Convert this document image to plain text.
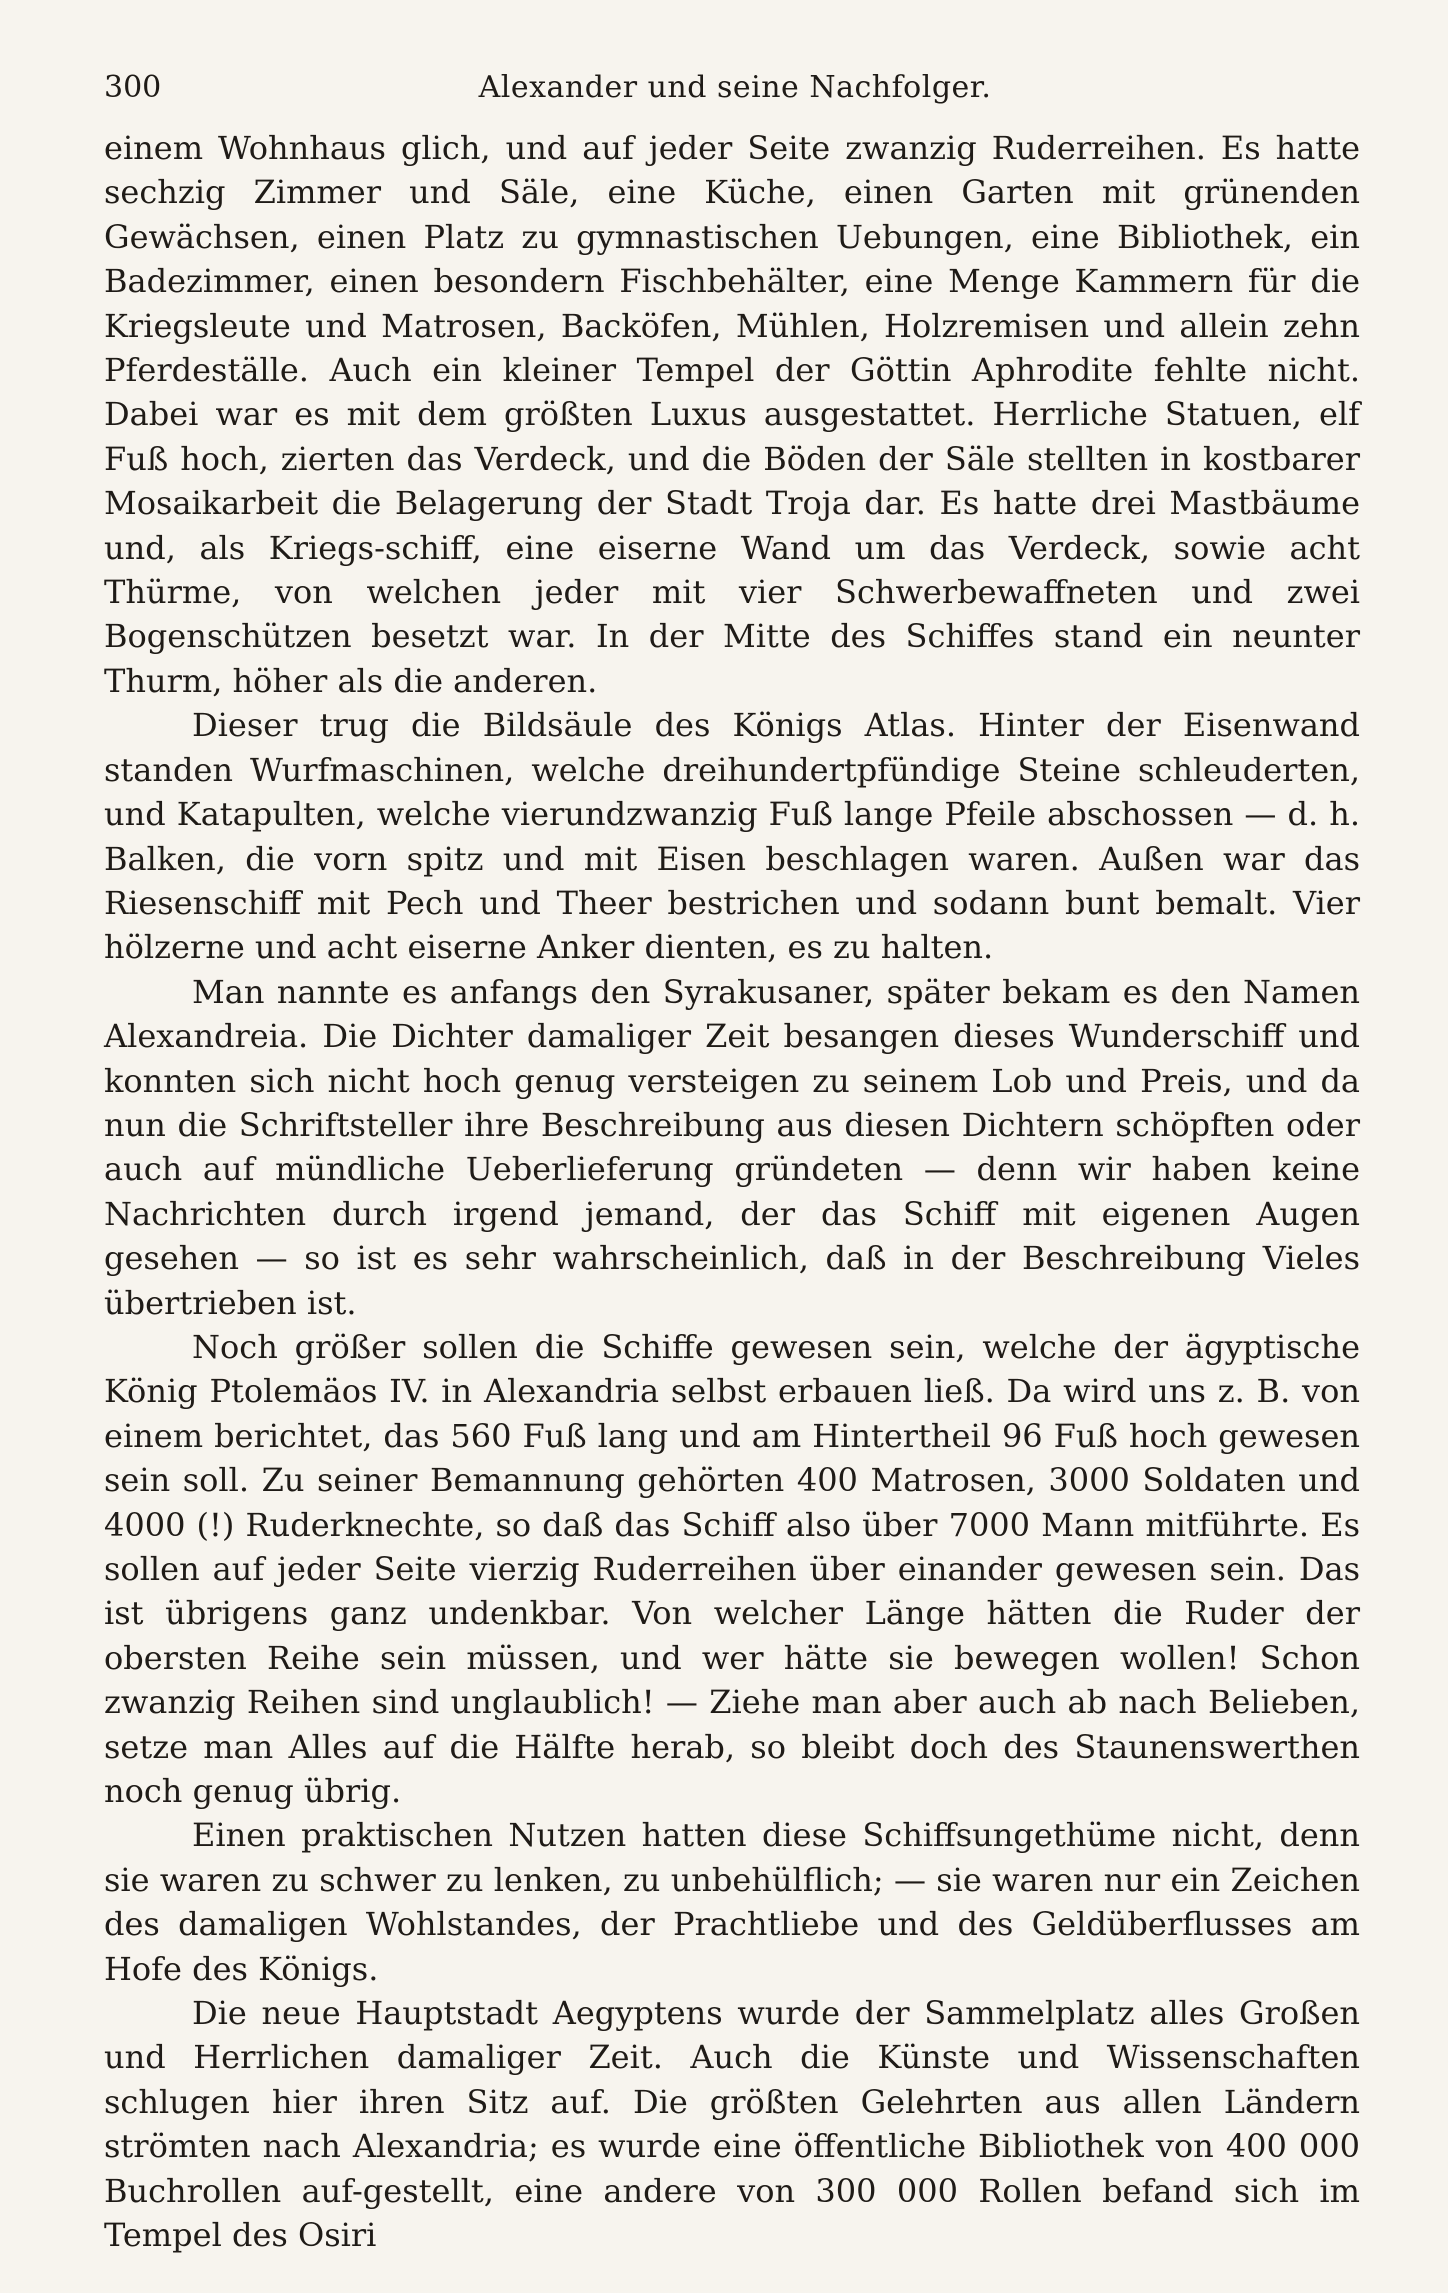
300	Alexander und seine Nachfolger.

einem Wohnhaus glich, und auf jeder Seite zwanzig Ruderreihen. Es hatte sechzig Zimmer und Säle, eine Küche, einen Garten mit grünenden Gewächsen, einen Platz zu gymnastischen Uebungen, eine Bibliothek, ein Badezimmer, einen besondern Fischbehälter, eine Menge Kammern für die Kriegsleute und Matrosen, Backöfen, Mühlen, Holzremisen und allein zehn Pferdeställe. Auch ein kleiner Tempel der Göttin Aphrodite fehlte nicht. Dabei war es mit dem größten Luxus ausgestattet. Herrliche Statuen, elf Fuß hoch, zierten das Verdeck, und die Böden der Säle stellten in kostbarer Mosaikarbeit die Belagerung der Stadt Troja dar. Es hatte drei Mastbäume und, als Kriegs-schiff, eine eiserne Wand um das Verdeck, sowie acht Thürme, von welchen jeder mit vier Schwerbewaffneten und zwei Bogenschützen besetzt war. In der Mitte des Schiffes stand ein neunter Thurm, höher als die anderen.

Dieser trug die Bildsäule des Königs Atlas. Hinter der Eisenwand standen Wurfmaschinen, welche dreihundertpfündige Steine schleuderten, und Katapulten, welche vierundzwanzig Fuß lange Pfeile abschossen — d. h. Balken, die vorn spitz und mit Eisen beschlagen waren. Außen war das Riesenschiff mit Pech und Theer bestrichen und sodann bunt bemalt. Vier hölzerne und acht eiserne Anker dienten, es zu halten.

Man nannte es anfangs den Syrakusaner, später bekam es den Namen Alexandreia. Die Dichter damaliger Zeit besangen dieses Wunderschiff und konnten sich nicht hoch genug versteigen zu seinem Lob und Preis, und da nun die Schriftsteller ihre Beschreibung aus diesen Dichtern schöpften oder auch auf mündliche Ueberlieferung gründeten — denn wir haben keine Nachrichten durch irgend jemand, der das Schiff mit eigenen Augen gesehen — so ist es sehr wahrscheinlich, daß in der Beschreibung Vieles übertrieben ist.

Noch größer sollen die Schiffe gewesen sein, welche der ägyptische König Ptolemäos IV. in Alexandria selbst erbauen ließ. Da wird uns z. B. von einem berichtet, das 560 Fuß lang und am Hintertheil 96 Fuß hoch gewesen sein soll. Zu seiner Bemannung gehörten 400 Matrosen, 3000 Soldaten und 4000 (!) Ruderknechte, so daß das Schiff also über 7000 Mann mitführte. Es sollen auf jeder Seite vierzig Ruderreihen über einander gewesen sein. Das ist übrigens ganz undenkbar. Von welcher Länge hätten die Ruder der obersten Reihe sein müssen, und wer hätte sie bewegen wollen! Schon zwanzig Reihen sind unglaublich! — Ziehe man aber auch ab nach Belieben, setze man Alles auf die Hälfte herab, so bleibt doch des Staunenswerthen noch genug übrig.

Einen praktischen Nutzen hatten diese Schiffsungethüme nicht, denn sie waren zu schwer zu lenken, zu unbehülflich; — sie waren nur ein Zeichen des damaligen Wohlstandes, der Prachtliebe und des Geldüberflusses am Hofe des Königs.

Die neue Hauptstadt Aegyptens wurde der Sammelplatz alles Großen und Herrlichen damaliger Zeit. Auch die Künste und Wissenschaften schlugen hier ihren Sitz auf. Die größten Gelehrten aus allen Ländern strömten nach Alexandria; es wurde eine öffentliche Bibliothek von 400 000 Buchrollen auf-gestellt, eine andere von 300 000 Rollen befand sich im Tempel des Osiri
